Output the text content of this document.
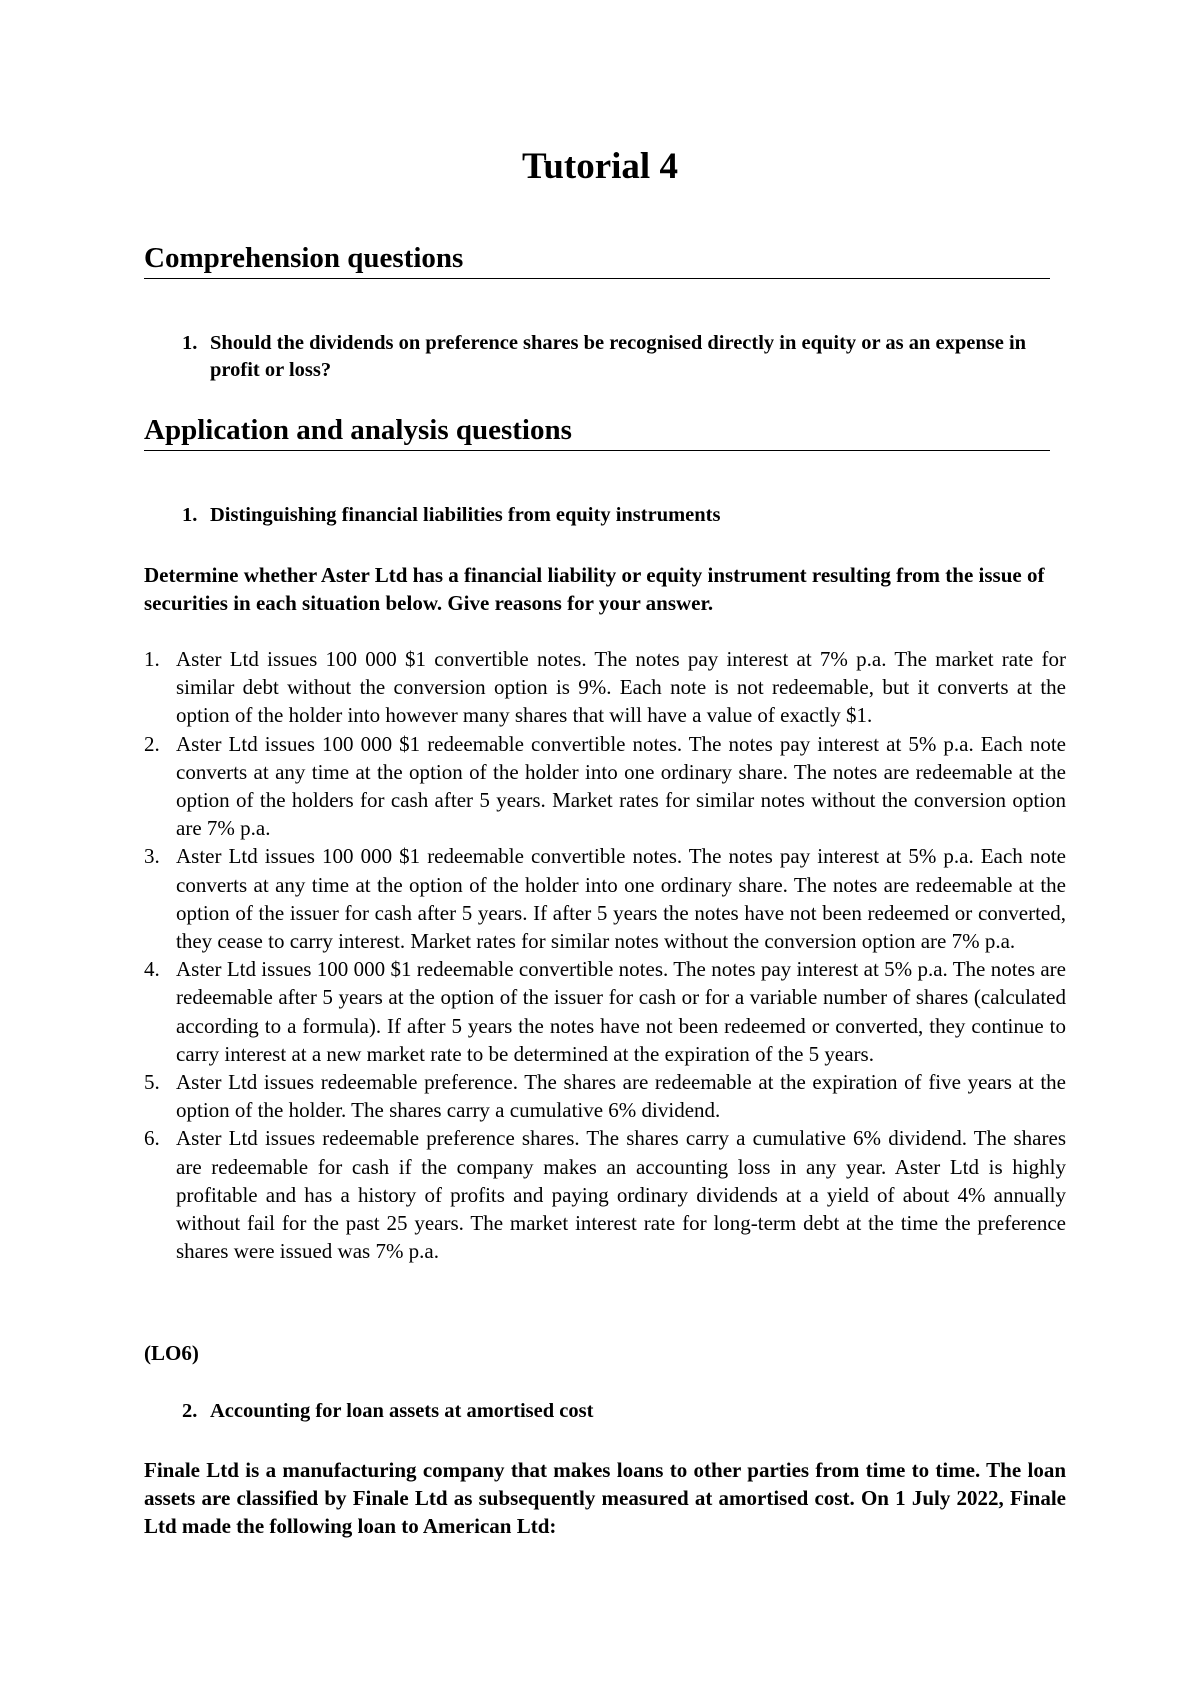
Tutorial 4
Comprehension questions
1. Should the dividends on preference shares be recognised directly in equity or as an expense in profit or loss?
Application and analysis questions
1. Distinguishing financial liabilities from equity instruments
Determine whether Aster Ltd has a financial liability or equity instrument resulting from the issue of securities in each situation below. Give reasons for your answer.
1. Aster Ltd issues 100 000 $1 convertible notes. The notes pay interest at 7% p.a. The market rate for similar debt without the conversion option is 9%. Each note is not redeemable, but it converts at the option of the holder into however many shares that will have a value of exactly $1.
2. Aster Ltd issues 100 000 $1 redeemable convertible notes. The notes pay interest at 5% p.a. Each note converts at any time at the option of the holder into one ordinary share. The notes are redeemable at the option of the holders for cash after 5 years. Market rates for similar notes without the conversion option are 7% p.a.
3. Aster Ltd issues 100 000 $1 redeemable convertible notes. The notes pay interest at 5% p.a. Each note converts at any time at the option of the holder into one ordinary share. The notes are redeemable at the option of the issuer for cash after 5 years. If after 5 years the notes have not been redeemed or converted, they cease to carry interest. Market rates for similar notes without the conversion option are 7% p.a.
4. Aster Ltd issues 100 000 $1 redeemable convertible notes. The notes pay interest at 5% p.a. The notes are redeemable after 5 years at the option of the issuer for cash or for a variable number of shares (calculated according to a formula). If after 5 years the notes have not been redeemed or converted, they continue to carry interest at a new market rate to be determined at the expiration of the 5 years.
5. Aster Ltd issues redeemable preference. The shares are redeemable at the expiration of five years at the option of the holder. The shares carry a cumulative 6% dividend.
6. Aster Ltd issues redeemable preference shares. The shares carry a cumulative 6% dividend. The shares are redeemable for cash if the company makes an accounting loss in any year. Aster Ltd is highly profitable and has a history of profits and paying ordinary dividends at a yield of about 4% annually without fail for the past 25 years. The market interest rate for long-term debt at the time the preference shares were issued was 7% p.a.
(LO6)
2. Accounting for loan assets at amortised cost
Finale Ltd is a manufacturing company that makes loans to other parties from time to time. The loan assets are classified by Finale Ltd as subsequently measured at amortised cost. On 1 July 2022, Finale Ltd made the following loan to American Ltd:
